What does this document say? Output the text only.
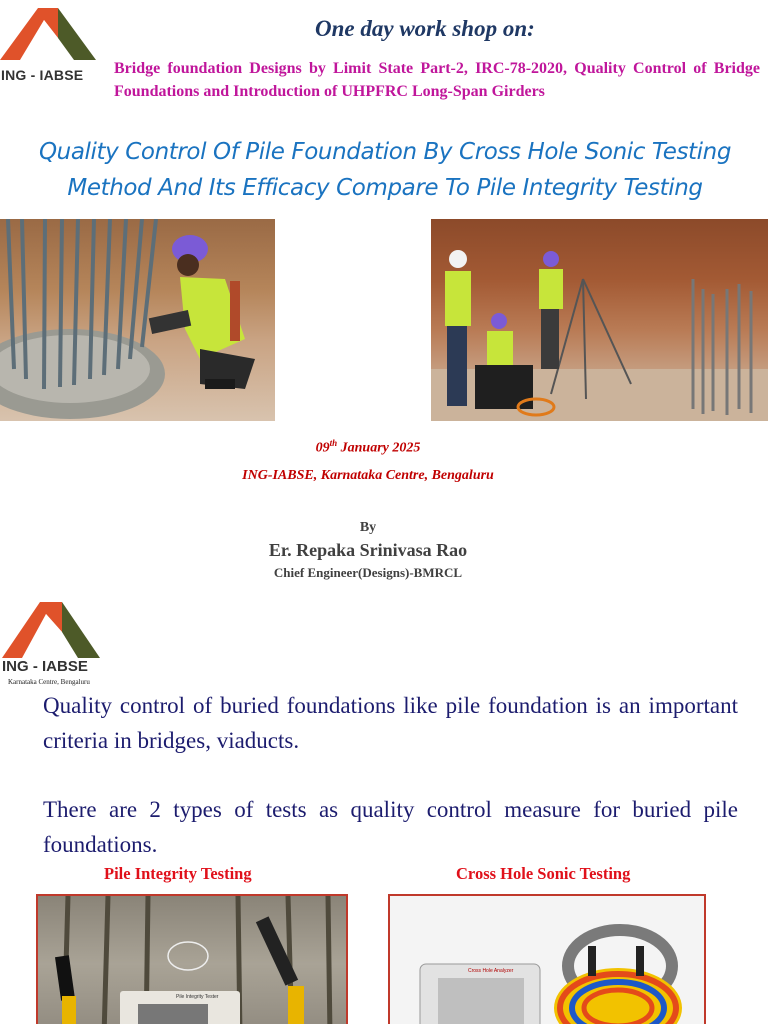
ING - IABSE
One day work shop on:
Bridge foundation Designs by Limit State Part-2, IRC-78-2020, Quality Control of Bridge Foundations and Introduction of UHPFRC Long-Span Girders
Quality Control Of Pile Foundation By Cross Hole Sonic Testing
Method And Its Efficacy Compare To Pile Integrity Testing
09th January 2025
ING-IABSE, Karnataka Centre, Bengaluru
By
Er. Repaka Srinivasa Rao
Chief Engineer(Designs)-BMRCL
ING - IABSE
Karnataka Centre, Bengaluru
Quality control of buried foundations like pile foundation is an important criteria in bridges, viaducts.
There are 2 types of tests as quality control measure for buried pile foundations.
Pile Integrity Testing	Cross Hole Sonic Testing
Pile Integrity Tester
Cross Hole Analyzer
